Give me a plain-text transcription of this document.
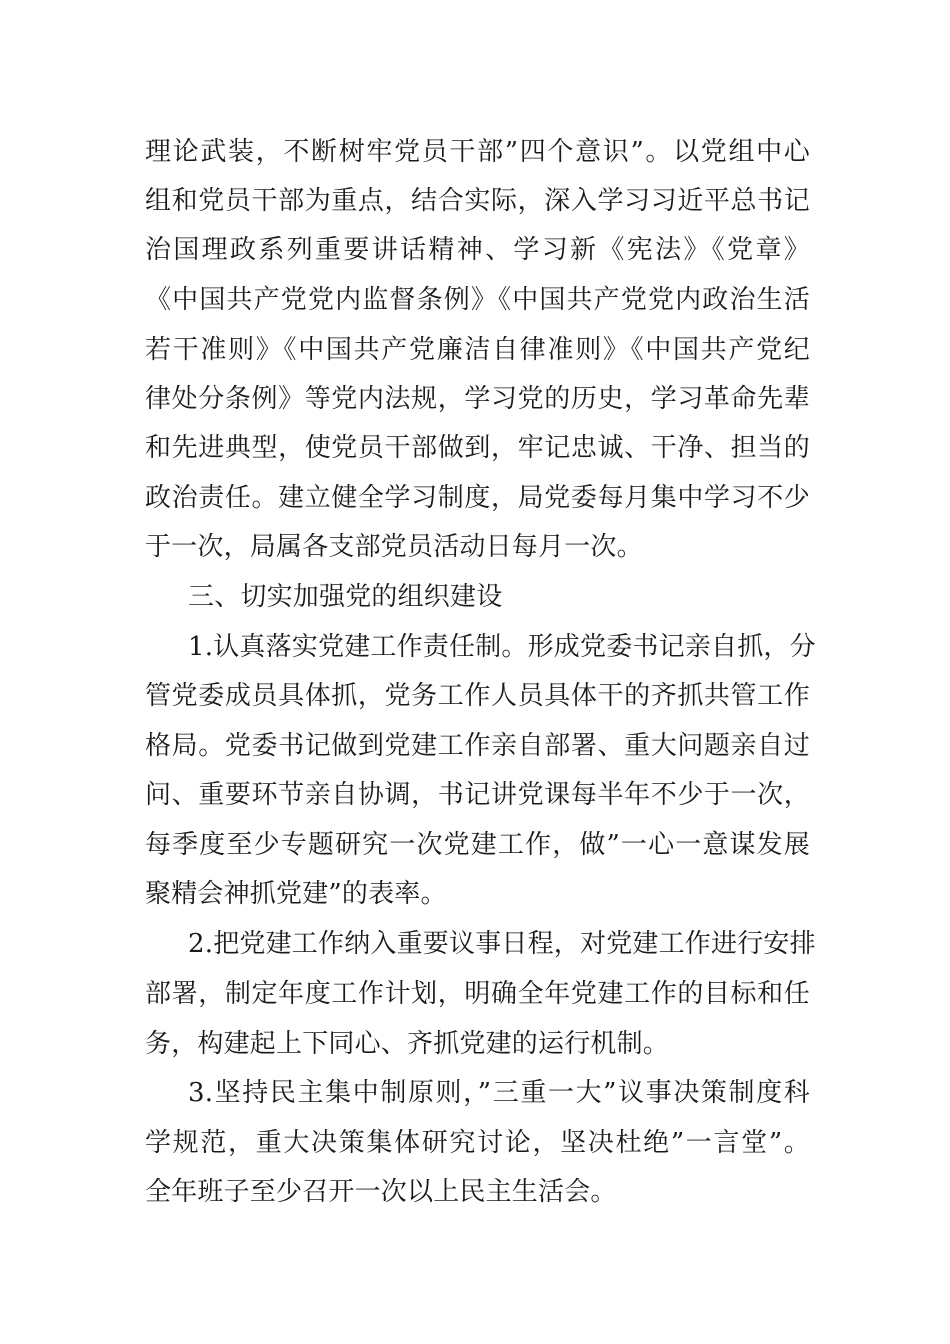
理论武装，不断树牢党员干部”四个意识”。以党组中心
组和党员干部为重点，结合实际，深入学习习近平总书记
治国理政系列重要讲话精神、学习新《宪法》《党章》
《中国共产党党内监督条例》《中国共产党党内政治生活
若干准则》《中国共产党廉洁自律准则》《中国共产党纪
律处分条例》等党内法规，学习党的历史，学习革命先辈
和先进典型，使党员干部做到，牢记忠诚、干净、担当的
政治责任。建立健全学习制度，局党委每月集中学习不少
于一次，局属各支部党员活动日每月一次。
三、切实加强党的组织建设
1.认真落实党建工作责任制。形成党委书记亲自抓，分
管党委成员具体抓，党务工作人员具体干的齐抓共管工作
格局。党委书记做到党建工作亲自部署、重大问题亲自过
问、重要环节亲自协调，书记讲党课每半年不少于一次，
每季度至少专题研究一次党建工作，做”一心一意谋发展
聚精会神抓党建”的表率。
2.把党建工作纳入重要议事日程，对党建工作进行安排
部署，制定年度工作计划，明确全年党建工作的目标和任
务，构建起上下同心、齐抓党建的运行机制。
3.坚持民主集中制原则，”三重一大”议事决策制度科
学规范，重大决策集体研究讨论，坚决杜绝”一言堂”。
全年班子至少召开一次以上民主生活会。
